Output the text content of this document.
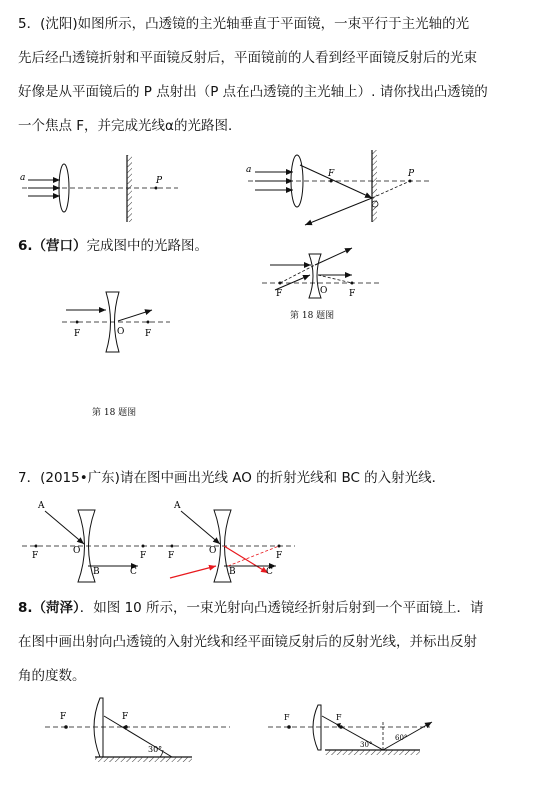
5．(沈阳)如图所示，凸透镜的主光轴垂直于平面镜，一束平行于主光轴的光
先后经凸透镜折射和平面镜反射后，平面镜前的人看到经平面镜反射后的光束
好像是从平面镜后的 P 点射出（P 点在凸透镜的主光轴上）. 请你找出凸透镜的
一个焦点 F，并完成光线α的光路图．
6.（营口）完成图中的光路图。
第 18 题图
第 18 题图
7．(2015•广东)请在图中画出光线 AO 的折射光线和 BC 的入射光线．
8.（菏泽）．如图 10 所示，一束光射向凸透镜经折射后射到一个平面镜上．请
在图中画出射向凸透镜的入射光线和经平面镜反射后的反射光线，并标出反射
角的度数。
a	P
a	F	P
F	F
O
F	F
O
A
F	F
O
B	C
A
F	F
O
B	C
F	F
30°
F	F
30°
60°
